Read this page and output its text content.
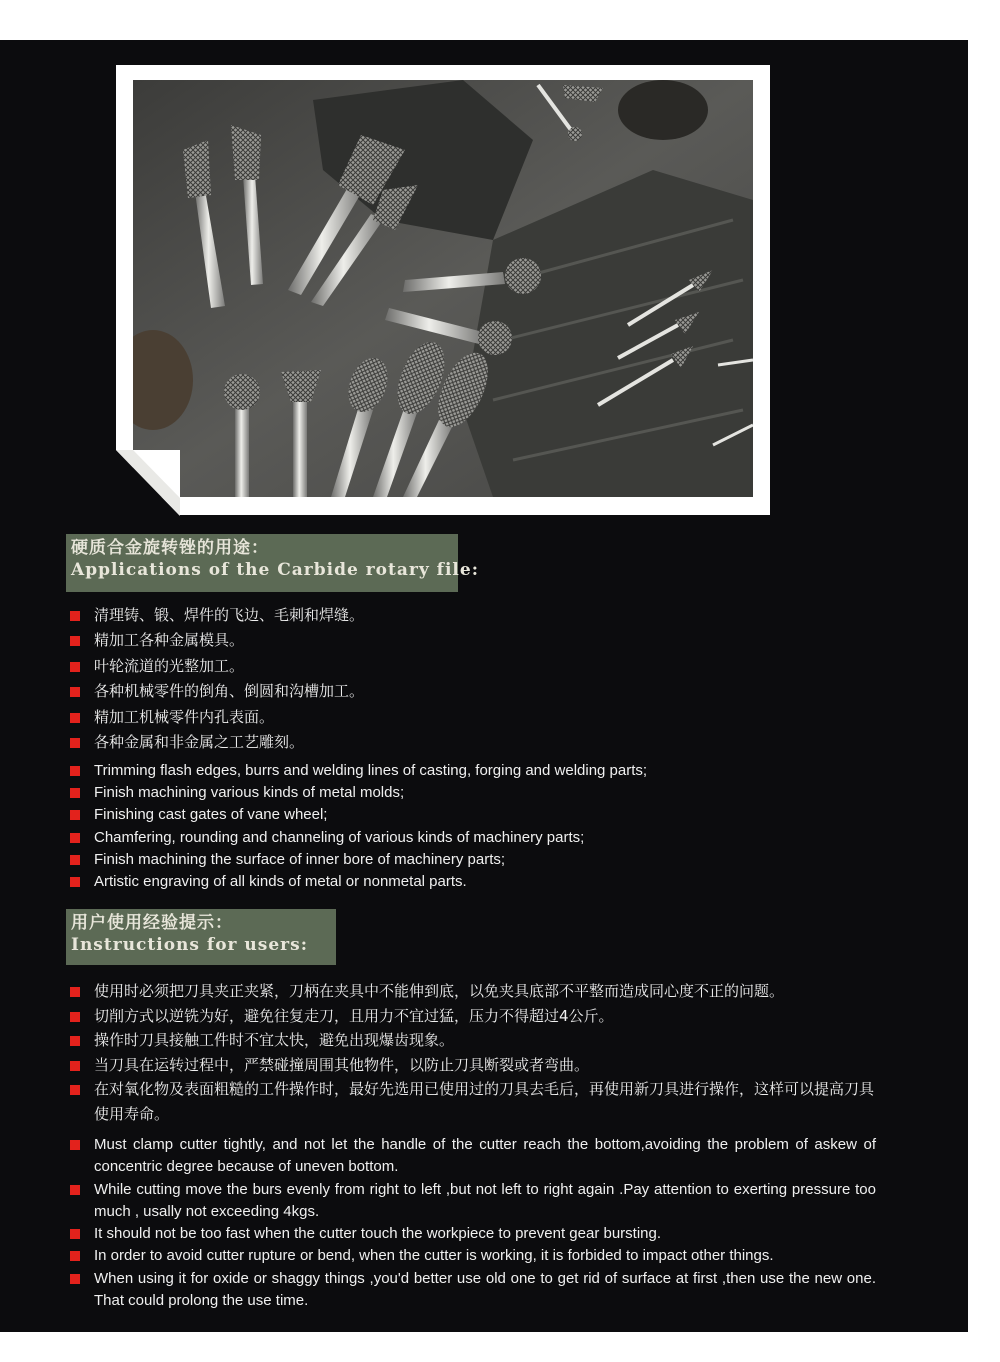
硬质合金旋转锉的用途：
Applications of the Carbide rotary file:
清理铸、锻、焊件的飞边、毛刺和焊缝。
精加工各种金属模具。
叶轮流道的光整加工。
各种机械零件的倒角、倒圆和沟槽加工。
精加工机械零件内孔表面。
各种金属和非金属之工艺雕刻。
Trimming flash edges, burrs and welding lines of casting, forging and welding parts;
Finish machining various kinds of metal molds;
Finishing cast gates of vane wheel;
Chamfering, rounding and channeling of various kinds of machinery parts;
Finish machining the surface of inner bore of machinery parts;
Artistic engraving of all kinds of metal or nonmetal parts.
用户使用经验提示：
Instructions for users:
使用时必须把刀具夹正夹紧，刀柄在夹具中不能伸到底，以免夹具底部不平整而造成同心度不正的问题。
切削方式以逆铣为好，避免往复走刀，且用力不宜过猛，压力不得超过4公斤。
操作时刀具接触工件时不宜太快，避免出现爆齿现象。
当刀具在运转过程中，严禁碰撞周围其他物件，以防止刀具断裂或者弯曲。
在对氧化物及表面粗糙的工件操作时，最好先选用已使用过的刀具去毛后，再使用新刀具进行操作，这样可以提高刀具使用寿命。
Must clamp cutter tightly, and not let the handle of the cutter reach the bottom,avoiding the problem of askew of concentric degree because of uneven bottom.
While cutting move the burs evenly from right to left ,but not left to right again .Pay attention to exerting pressure too much , usally not exceeding 4kgs.
It should not be too fast when the cutter touch the workpiece to prevent gear bursting.
In order to avoid cutter rupture or bend, when the cutter is working, it is forbided to impact other things.
When using it for oxide or shaggy things ,you'd better use old one to get rid of surface at first ,then use the new one. That could prolong the use time.
